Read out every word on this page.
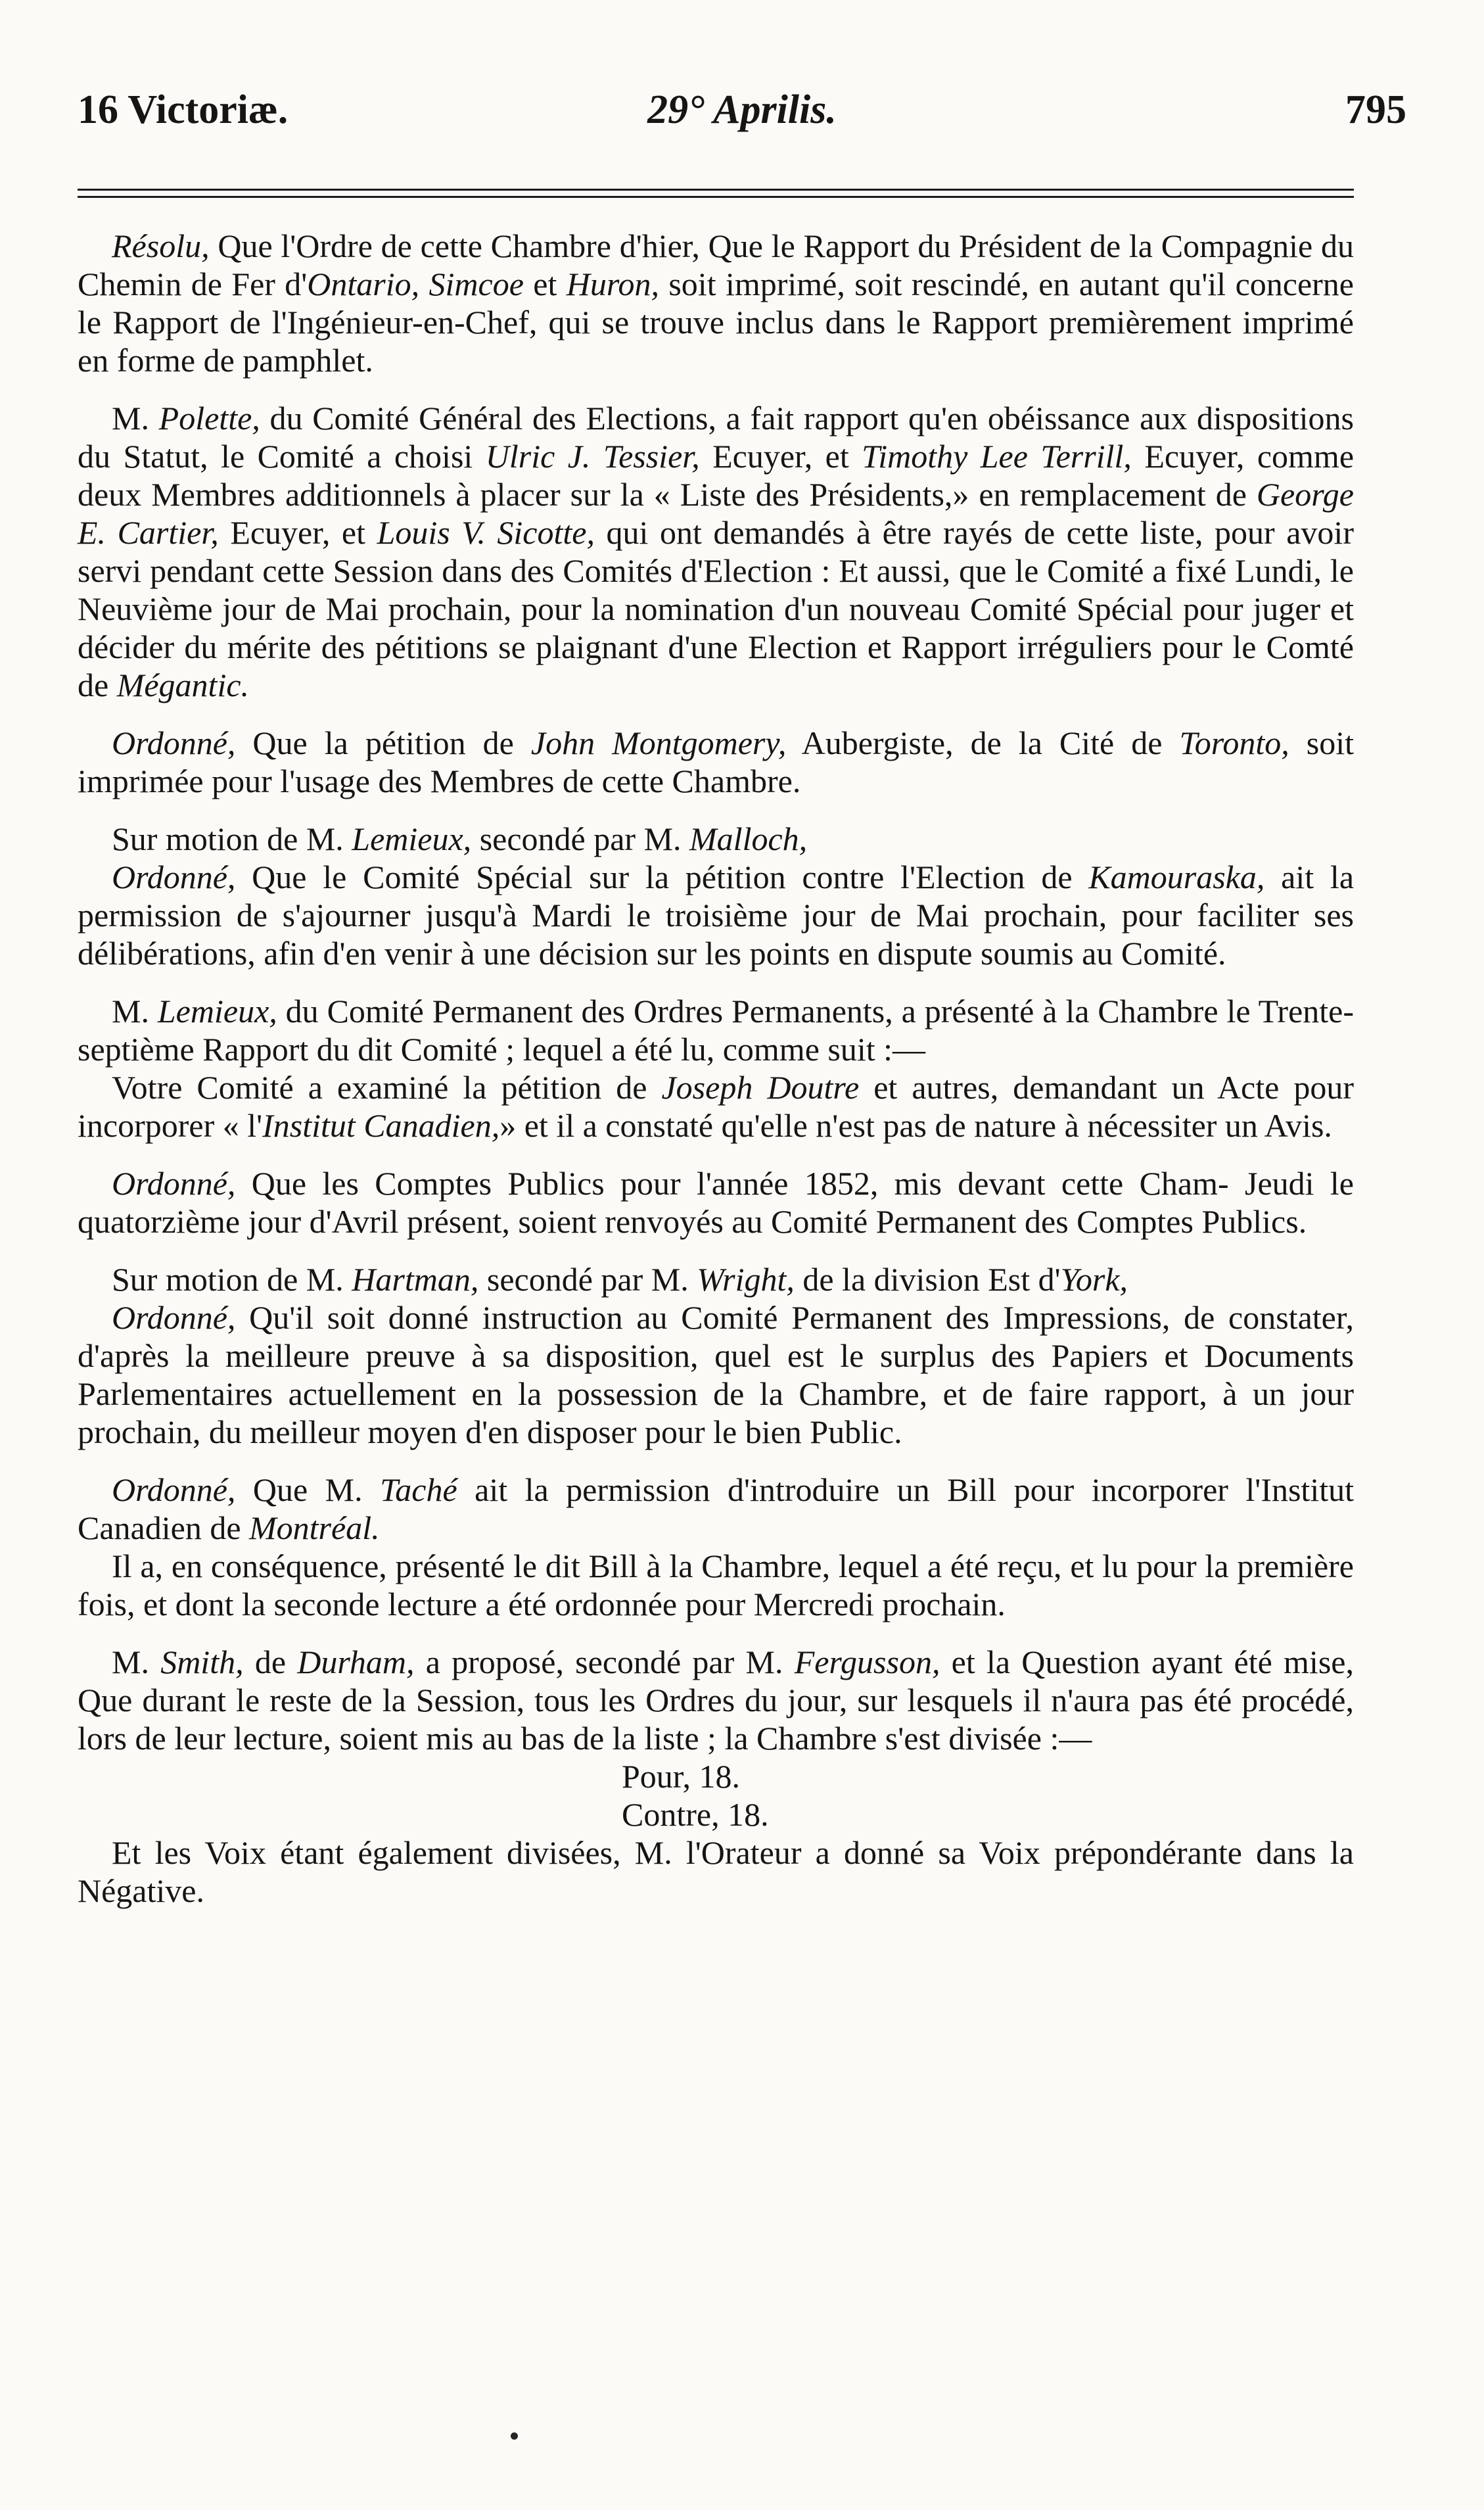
16 Victoriæ.	29° Aprilis.	795

Résolu, Que l'Ordre de cette Chambre d'hier, Que le Rapport du Président de la Compagnie du Chemin de Fer d'Ontario, Simcoe et Huron, soit imprimé, soit rescindé, en autant qu'il concerne le Rapport de l'Ingénieur-en-Chef, qui se trouve inclus dans le Rapport premièrement imprimé en forme de pamphlet.

M. Polette, du Comité Général des Elections, a fait rapport qu'en obéissance aux dispositions du Statut, le Comité a choisi Ulric J. Tessier, Ecuyer, et Timothy Lee Terrill, Ecuyer, comme deux Membres additionnels à placer sur la « Liste des Présidents,» en remplacement de George E. Cartier, Ecuyer, et Louis V. Sicotte, qui ont demandés à être rayés de cette liste, pour avoir servi pendant cette Session dans des Comités d'Election : Et aussi, que le Comité a fixé Lundi, le Neuvième jour de Mai prochain, pour la nomination d'un nouveau Comité Spécial pour juger et décider du mérite des pétitions se plaignant d'une Election et Rapport irréguliers pour le Comté de Mégantic.

Ordonné, Que la pétition de John Montgomery, Aubergiste, de la Cité de Toronto, soit imprimée pour l'usage des Membres de cette Chambre.

Sur motion de M. Lemieux, secondé par M. Malloch,

Ordonné, Que le Comité Spécial sur la pétition contre l'Election de Kamouraska, ait la permission de s'ajourner jusqu'à Mardi le troisième jour de Mai prochain, pour faciliter ses délibérations, afin d'en venir à une décision sur les points en dispute soumis au Comité.

M. Lemieux, du Comité Permanent des Ordres Permanents, a présenté à la Chambre le Trente-septième Rapport du dit Comité ; lequel a été lu, comme suit :—

Votre Comité a examiné la pétition de Joseph Doutre et autres, demandant un Acte pour incorporer « l'Institut Canadien,» et il a constaté qu'elle n'est pas de nature à nécessiter un Avis.

Ordonné, Que les Comptes Publics pour l'année 1852, mis devant cette Cham- Jeudi le quatorzième jour d'Avril présent, soient renvoyés au Comité Permanent des Comptes Publics.

Sur motion de M. Hartman, secondé par M. Wright, de la division Est d'York,

Ordonné, Qu'il soit donné instruction au Comité Permanent des Impressions, de constater, d'après la meilleure preuve à sa disposition, quel est le surplus des Papiers et Documents Parlementaires actuellement en la possession de la Chambre, et de faire rapport, à un jour prochain, du meilleur moyen d'en disposer pour le bien Public.

Ordonné, Que M. Taché ait la permission d'introduire un Bill pour incorporer l'Institut Canadien de Montréal.

Il a, en conséquence, présenté le dit Bill à la Chambre, lequel a été reçu, et lu pour la première fois, et dont la seconde lecture a été ordonnée pour Mercredi prochain.

M. Smith, de Durham, a proposé, secondé par M. Fergusson, et la Question ayant été mise, Que durant le reste de la Session, tous les Ordres du jour, sur lesquels il n'aura pas été procédé, lors de leur lecture, soient mis au bas de la liste ; la Chambre s'est divisée :—

Pour, 18.

Contre, 18.

Et les Voix étant également divisées, M. l'Orateur a donné sa Voix prépondérante dans la Négative.
